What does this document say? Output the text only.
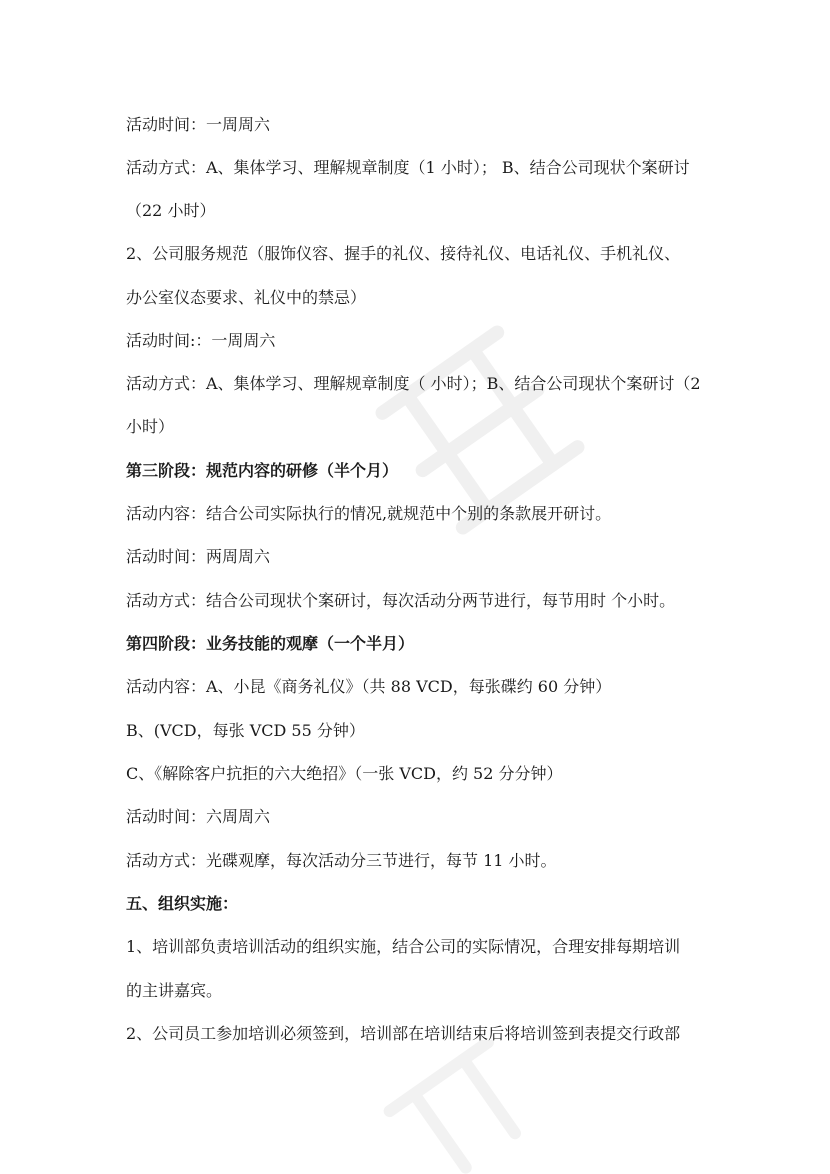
活动时间：一周周六
活动方式：A、集体学习、理解规章制度（1 小时）； B、结合公司现状个案研讨
（22 小时）
2、公司服务规范（服饰仪容、握手的礼仪、接待礼仪、电话礼仪、手机礼仪、
办公室仪态要求、礼仪中的禁忌）
活动时间:：一周周六
活动方式：A、集体学习、理解规章制度（ 小时）；B、结合公司现状个案研讨（2
小时）
第三阶段：规范内容的研修（半个月）
活动内容：结合公司实际执行的情况,就规范中个别的条款展开研讨。
活动时间：两周周六
活动方式：结合公司现状个案研讨，每次活动分两节进行，每节用时 个小时。
第四阶段：业务技能的观摩（一个半月）
活动内容：A、小昆《商务礼仪》（共 88 VCD，每张碟约 60 分钟）
B、(VCD，每张 VCD 55 分钟）
C、《解除客户抗拒的六大绝招》（一张 VCD，约 52 分分钟）
活动时间：六周周六
活动方式：光碟观摩，每次活动分三节进行，每节 11 小时。
五、组织实施：
1、培训部负责培训活动的组织实施，结合公司的实际情况，合理安排每期培训
的主讲嘉宾。
2、公司员工参加培训必须签到，培训部在培训结束后将培训签到表提交行政部
